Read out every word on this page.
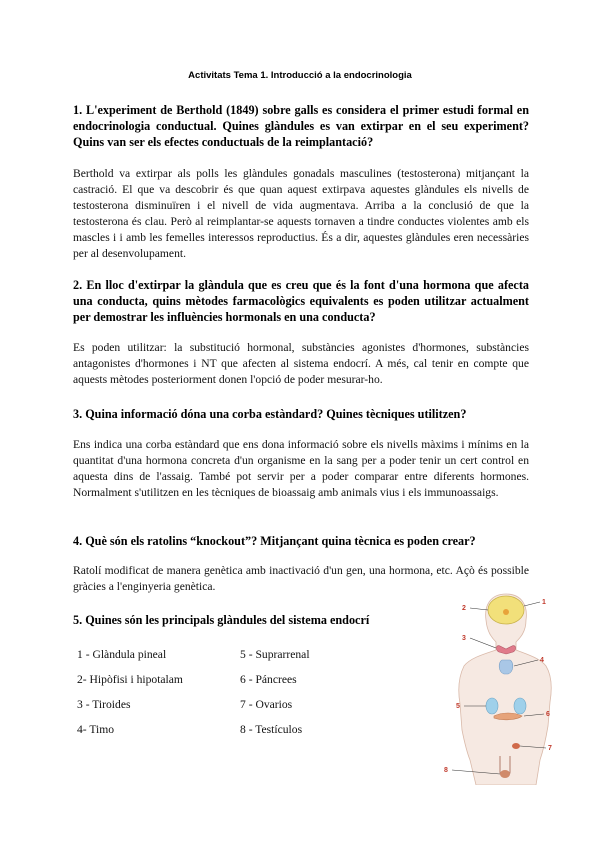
Activitats Tema 1. Introducció a la endocrinologia
1. L'experiment de Berthold (1849) sobre galls es considera el primer estudi formal en endocrinologia conductual. Quines glàndules es van extirpar en el seu experiment? Quins van ser els efectes conductuals de la reimplantació?
Berthold va extirpar als polls les glàndules gonadals masculines (testosterona) mitjançant la castració. El que va descobrir és que quan aquest extirpava aquestes glàndules els nivells de testosterona disminuïren i el nivell de vida augmentava. Arriba a la conclusió de que la testosterona és clau. Però al reimplantar-se aquests tornaven a tindre conductes violentes amb els mascles i i amb les femelles interessos reproductius. És a dir, aquestes glàndules eren necessàries per al desenvolupament.
2. En lloc d'extirpar la glàndula que es creu que és la font d'una hormona que afecta una conducta, quins mètodes farmacològics equivalents es poden utilitzar actualment per demostrar les influències hormonals en una conducta?
Es poden utilitzar: la substitució hormonal, substàncies agonistes d'hormones, substàncies antagonistes d'hormones i NT que afecten al sistema endocrí. A més, cal tenir en compte que aquests mètodes posteriorment donen l'opció de poder mesurar-ho.
3. Quina informació dóna una corba estàndard? Quines tècniques utilitzen?
Ens indica una corba estàndard que ens dona informació sobre els nivells màxims i mínims en la quantitat d'una hormona concreta d'un organisme en la sang per a poder tenir un cert control en aquesta dins de l'assaig. També pot servir per a poder comparar entre diferents hormones. Normalment s'utilitzen en les tècniques de bioassaig amb animals vius i els immunoassaigs.
4. Què són els ratolins “knockout”? Mitjançant quina tècnica es poden crear?
Ratolí modificat de manera genètica amb inactivació d'un gen, una hormona, etc. Açò és possible gràcies a l'enginyeria genètica.
5. Quines són les principals glàndules del sistema endocrí
1 - Glàndula pineal
2- Hipòfisi i hipotalam
3 - Tiroides
4- Timo
5 - Suprarrenal
6 - Páncrees
7 - Ovarios
8 - Testículos
1
2
3
4
5
6
7
8
